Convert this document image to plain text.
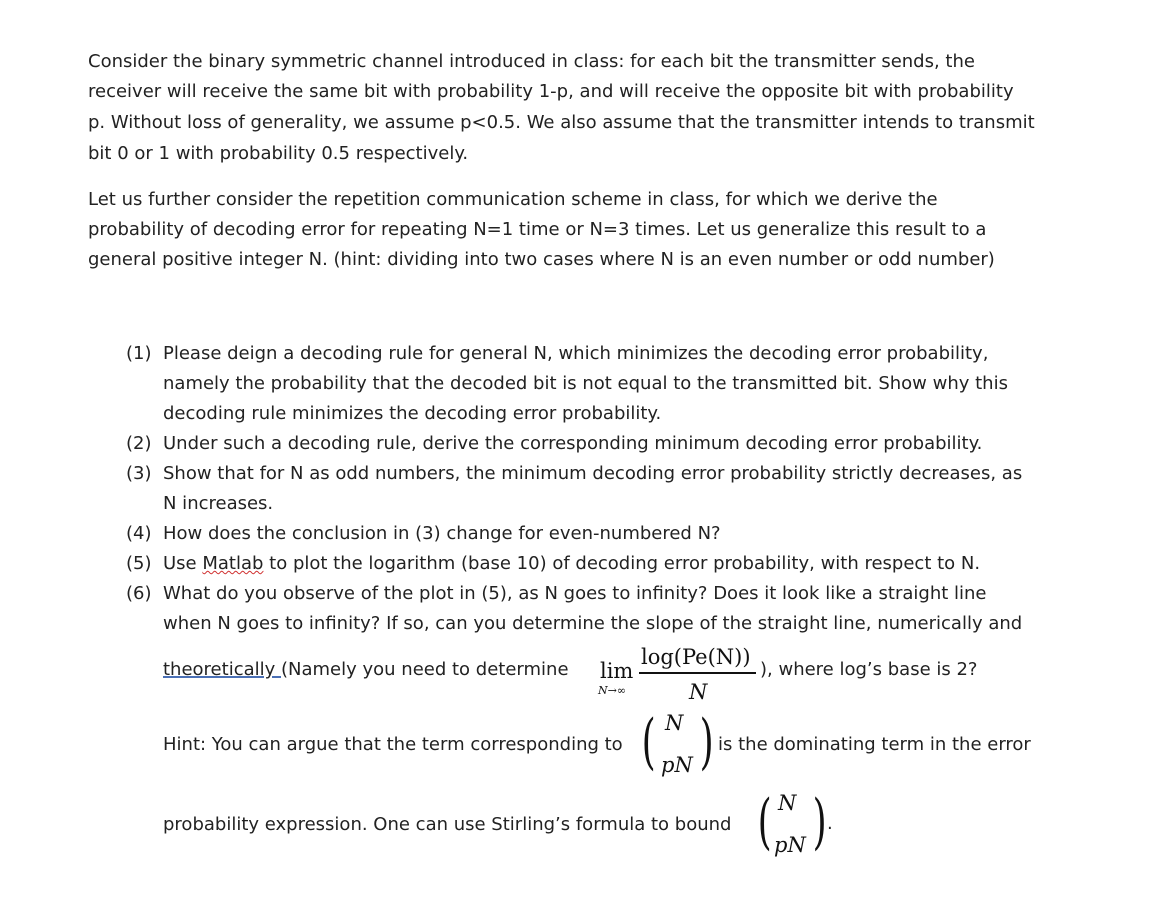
Consider the binary symmetric channel introduced in class: for each bit the transmitter sends, the
receiver will receive the same bit with probability 1-p, and will receive the opposite bit with probability
p. Without loss of generality, we assume p<0.5. We also assume that the transmitter intends to transmit
bit 0 or 1 with probability 0.5 respectively.
Let us further consider the repetition communication scheme in class, for which we derive the
probability of decoding error for repeating N=1 time or N=3 times. Let us generalize this result to a
general positive integer N. (hint: dividing into two cases where N is an even number or odd number)
(1) Please deign a decoding rule for general N, which minimizes the decoding error probability,
namely the probability that the decoded bit is not equal to the transmitted bit. Show why this
decoding rule minimizes the decoding error probability.
(2) Under such a decoding rule, derive the corresponding minimum decoding error probability.
(3) Show that for N as odd numbers, the minimum decoding error probability strictly decreases, as
N increases.
(4) How does the conclusion in (3) change for even-numbered N?
(5) Use Matlab to plot the logarithm (base 10) of decoding error probability, with respect to N.
(6) What do you observe of the plot in (5), as N goes to infinity? Does it look like a straight line
when N goes to infinity? If so, can you determine the slope of the straight line, numerically and
theoretically (Namely you need to determine lim
N→∞
log(Pe(N))
N
), where log’s base is 2?
Hint: You can argue that the term corresponding to ( N
pN ) is the dominating term in the error
probability expression. One can use Stirling’s formula to bound ( N
pN ) .
